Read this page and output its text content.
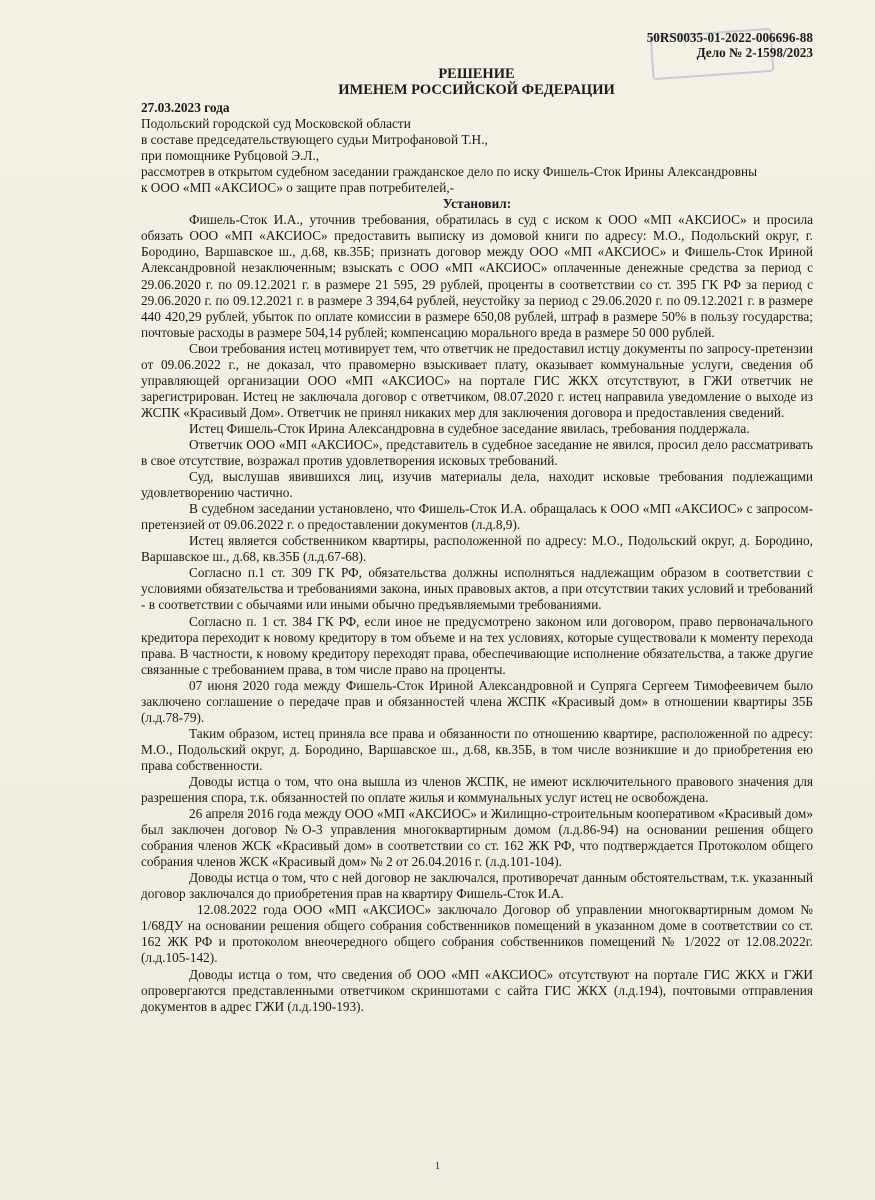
50RS0035-01-2022-006696-88
Дело № 2-1598/2023
РЕШЕНИЕ
ИМЕНЕМ РОССИЙСКОЙ ФЕДЕРАЦИИ

27.03.2023 года

Подольский городской суд Московской области

в составе председательствующего судьи Митрофановой Т.Н.,

при помощнике Рубцовой Э.Л.,

рассмотрев в открытом судебном заседании гражданское дело по иску Фишель-Сток Ирины Александровны

к ООО «МП «АКСИОС» о защите прав потребителей,-

Установил:

Фишель-Сток И.А., уточнив требования, обратилась в суд с иском к ООО «МП «АКСИОС» и просила обязать ООО «МП «АКСИОС» предоставить выписку из домовой книги по адресу: М.О., Подольский округ, г. Бородино, Варшавское ш., д.68, кв.35Б; признать договор между ООО «МП «АКСИОС» и Фишель-Сток Ириной Александровной незаключенным; взыскать с ООО «МП «АКСИОС» оплаченные денежные средства за период с 29.06.2020 г. по 09.12.2021 г. в размере 21 595, 29 рублей, проценты в соответствии со ст. 395 ГК РФ за период с 29.06.2020 г. по 09.12.2021 г. в размере 3 394,64 рублей, неустойку за период с 29.06.2020 г. по 09.12.2021 г. в размере 440 420,29 рублей, убыток по оплате комиссии в размере 650,08 рублей, штраф в размере 50% в пользу государства; почтовые расходы в размере 504,14 рублей; компенсацию морального вреда в размере 50 000 рублей.

Свои требования истец мотивирует тем, что ответчик не предоставил истцу документы по запросу-претензии от 09.06.2022 г., не доказал, что правомерно взыскивает плату, оказывает коммунальные услуги, сведения об управляющей организации ООО «МП «АКСИОС» на портале ГИС ЖКХ отсутствуют, в ГЖИ ответчик не зарегистрирован. Истец не заключала договор с ответчиком, 08.07.2020 г. истец направила уведомление о выходе из ЖСПК «Красивый Дом». Ответчик не принял никаких мер для заключения договора и предоставления сведений.

Истец Фишель-Сток Ирина Александровна в судебное заседание явилась, требования поддержала.

Ответчик ООО «МП «АКСИОС», представитель в судебное заседание не явился, просил дело рассматривать в свое отсутствие, возражал против удовлетворения исковых требований.

Суд, выслушав явившихся лиц, изучив материалы дела, находит исковые требования подлежащими удовлетворению частично.

В судебном заседании установлено, что Фишель-Сток И.А. обращалась к ООО «МП «АКСИОС» с запросом-претензией от 09.06.2022 г. о предоставлении документов (л.д.8,9).

Истец является собственником квартиры, расположенной по адресу: М.О., Подольский округ, д. Бородино, Варшавское ш., д.68, кв.35Б (л.д.67-68).

Согласно п.1 ст. 309 ГК РФ, обязательства должны исполняться надлежащим образом в соответствии с условиями обязательства и требованиями закона, иных правовых актов, а при отсутствии таких условий и требований - в соответствии с обычаями или иными обычно предъявляемыми требованиями.

Согласно п. 1 ст. 384 ГК РФ, если иное не предусмотрено законом или договором, право первоначального кредитора переходит к новому кредитору в том объеме и на тех условиях, которые существовали к моменту перехода права. В частности, к новому кредитору переходят права, обеспечивающие исполнение обязательства, а также другие связанные с требованием права, в том числе право на проценты.

07 июня 2020 года между Фишель-Сток Ириной Александровной и Супряга Сергеем Тимофеевичем было заключено соглашение о передаче прав и обязанностей члена ЖСПК «Красивый дом» в отношении квартиры 35Б (л.д.78-79).

Таким образом, истец приняла все права и обязанности по отношению квартире, расположенной по адресу: М.О., Подольский округ, д. Бородино, Варшавское ш., д.68, кв.35Б, в том числе возникшие и до приобретения ею права собственности.

Доводы истца о том, что она вышла из членов ЖСПК, не имеют исключительного правового значения для разрешения спора, т.к. обязанностей по оплате жилья и коммунальных услуг истец не освобождена.

26 апреля 2016 года между ООО «МП «АКСИОС» и Жилищно-строительным кооперативом «Красивый дом» был заключен договор №О-3 управления многоквартирным домом (л.д.86-94) на основании решения общего собрания членов ЖСК «Красивый дом» в соответствии со ст. 162 ЖК РФ, что подтверждается Протоколом общего собрания членов ЖСК «Красивый дом» № 2 от 26.04.2016 г. (л.д.101-104).

Доводы истца о том, что с ней договор не заключался, противоречат данным обстоятельствам, т.к. указанный договор заключался до приобретения прав на квартиру Фишель-Сток И.А.

12.08.2022 года ООО «МП «АКСИОС» заключало Договор об управлении многоквартирным домом № 1/68ДУ на основании решения общего собрания собственников помещений в указанном доме в соответствии со ст. 162 ЖК РФ и протоколом внеочередного общего собрания собственников помещений № 1/2022 от 12.08.2022г. (л.д.105-142).

Доводы истца о том, что сведения об ООО «МП «АКСИОС» отсутствуют на портале ГИС ЖКХ и ГЖИ опровергаются представленными ответчиком скриншотами с сайта ГИС ЖКХ (л.д.194), почтовыми отправления документов в адрес ГЖИ (л.д.190-193).

1
